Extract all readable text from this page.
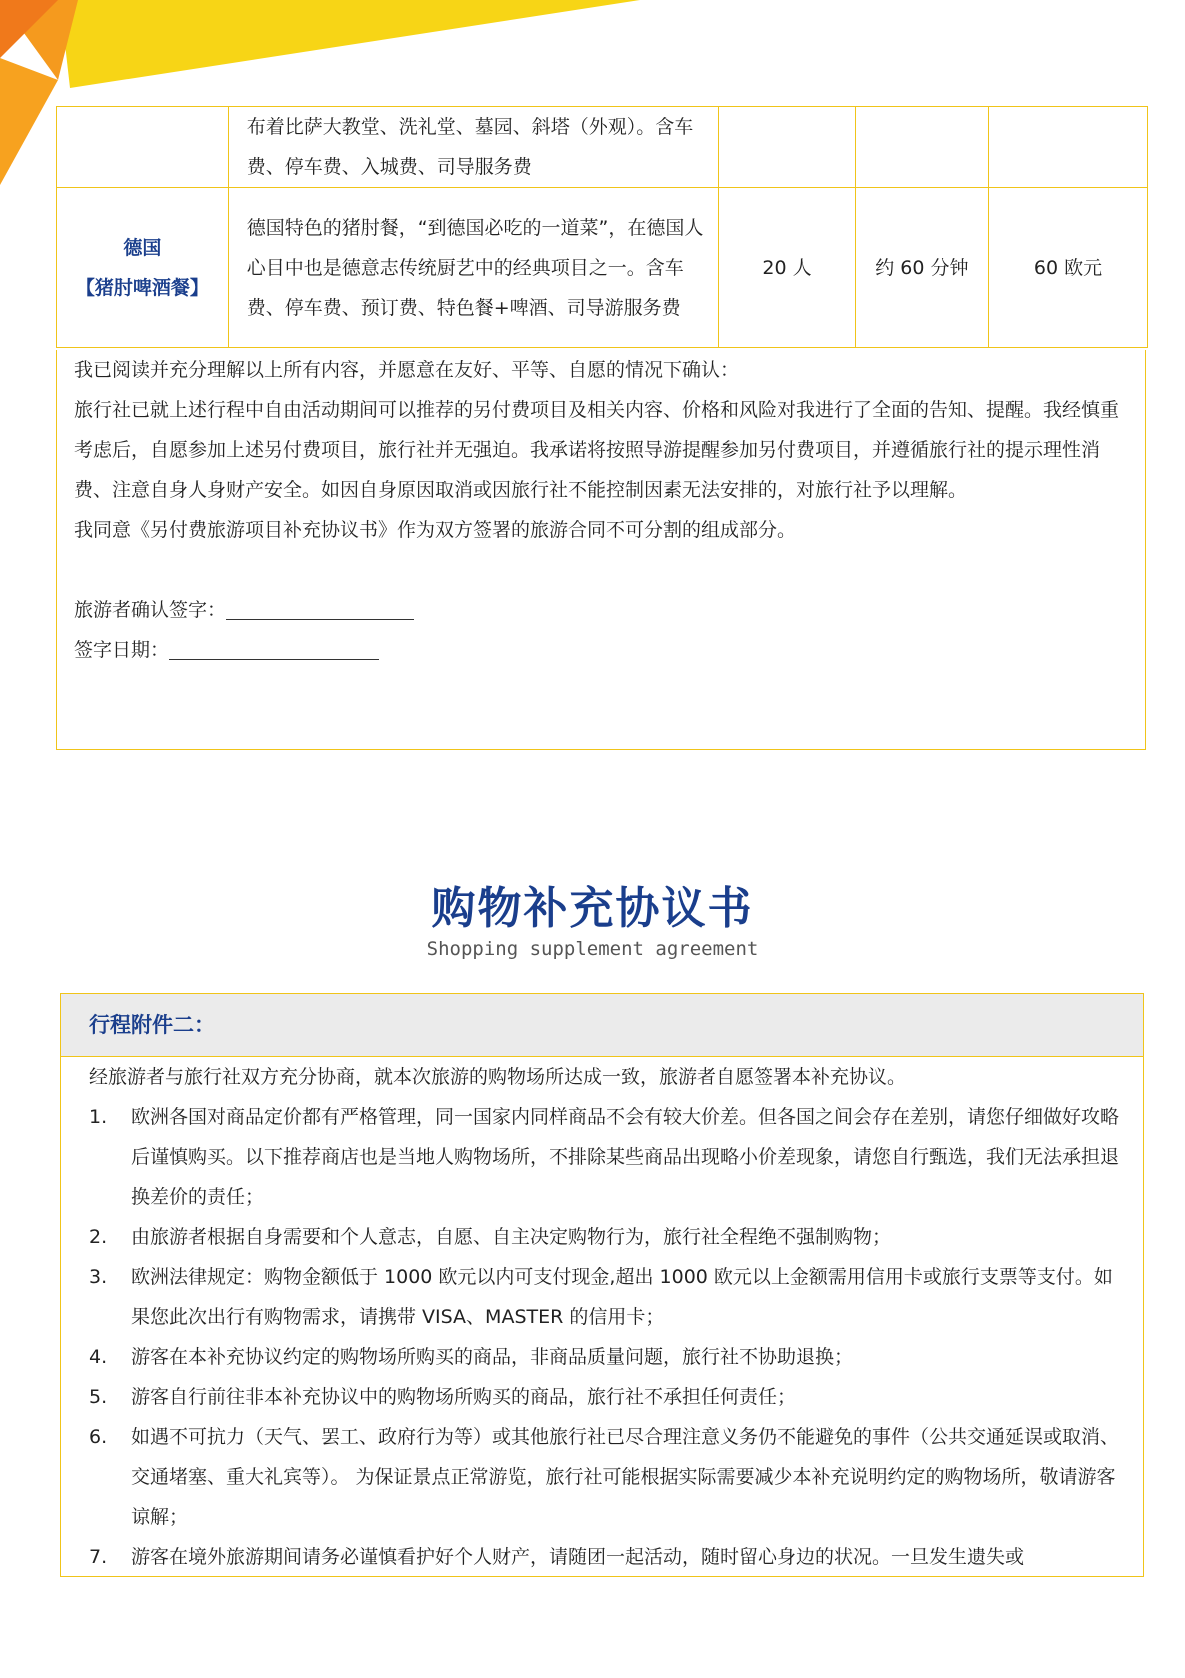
	布着比萨大教堂、洗礼堂、墓园、斜塔（外观）。含车费、停车费、入城费、司导服务费			

德国
【猪肘啤酒餐】	德国特色的猪肘餐，“到德国必吃的一道菜”，在德国人心目中也是德意志传统厨艺中的经典项目之一。含车费、停车费、预订费、特色餐+啤酒、司导游服务费	20 人	约 60 分钟	60 欧元

我已阅读并充分理解以上所有内容，并愿意在友好、平等、自愿的情况下确认：

旅行社已就上述行程中自由活动期间可以推荐的另付费项目及相关内容、价格和风险对我进行了全面的告知、提醒。我经慎重考虑后，自愿参加上述另付费项目，旅行社并无强迫。我承诺将按照导游提醒参加另付费项目，并遵循旅行社的提示理性消费、注意自身人身财产安全。如因自身原因取消或因旅行社不能控制因素无法安排的，对旅行社予以理解。

我同意《另付费旅游项目补充协议书》作为双方签署的旅游合同不可分割的组成部分。

旅游者确认签字：

签字日期：

购物补充协议书
Shopping supplement agreement
行程附件二：

经旅游者与旅行社双方充分协商，就本次旅游的购物场所达成一致，旅游者自愿签署本补充协议。

1.	欧洲各国对商品定价都有严格管理，同一国家内同样商品不会有较大价差。但各国之间会存在差别，请您仔细做好攻略后谨慎购买。以下推荐商店也是当地人购物场所，不排除某些商品出现略小价差现象，请您自行甄选，我们无法承担退换差价的责任；
2.	由旅游者根据自身需要和个人意志，自愿、自主决定购物行为，旅行社全程绝不强制购物；
3.	欧洲法律规定：购物金额低于 1000 欧元以内可支付现金,超出 1000 欧元以上金额需用信用卡或旅行支票等支付。如果您此次出行有购物需求，请携带 VISA、MASTER 的信用卡；
4.	游客在本补充协议约定的购物场所购买的商品，非商品质量问题，旅行社不协助退换；
5.	游客自行前往非本补充协议中的购物场所购买的商品，旅行社不承担任何责任；
6.	如遇不可抗力（天气、罢工、政府行为等）或其他旅行社已尽合理注意义务仍不能避免的事件（公共交通延误或取消、交通堵塞、重大礼宾等）。 为保证景点正常游览，旅行社可能根据实际需要减少本补充说明约定的购物场所，敬请游客谅解；
7.	游客在境外旅游期间请务必谨慎看护好个人财产，请随团一起活动，随时留心身边的状况。一旦发生遗失或
